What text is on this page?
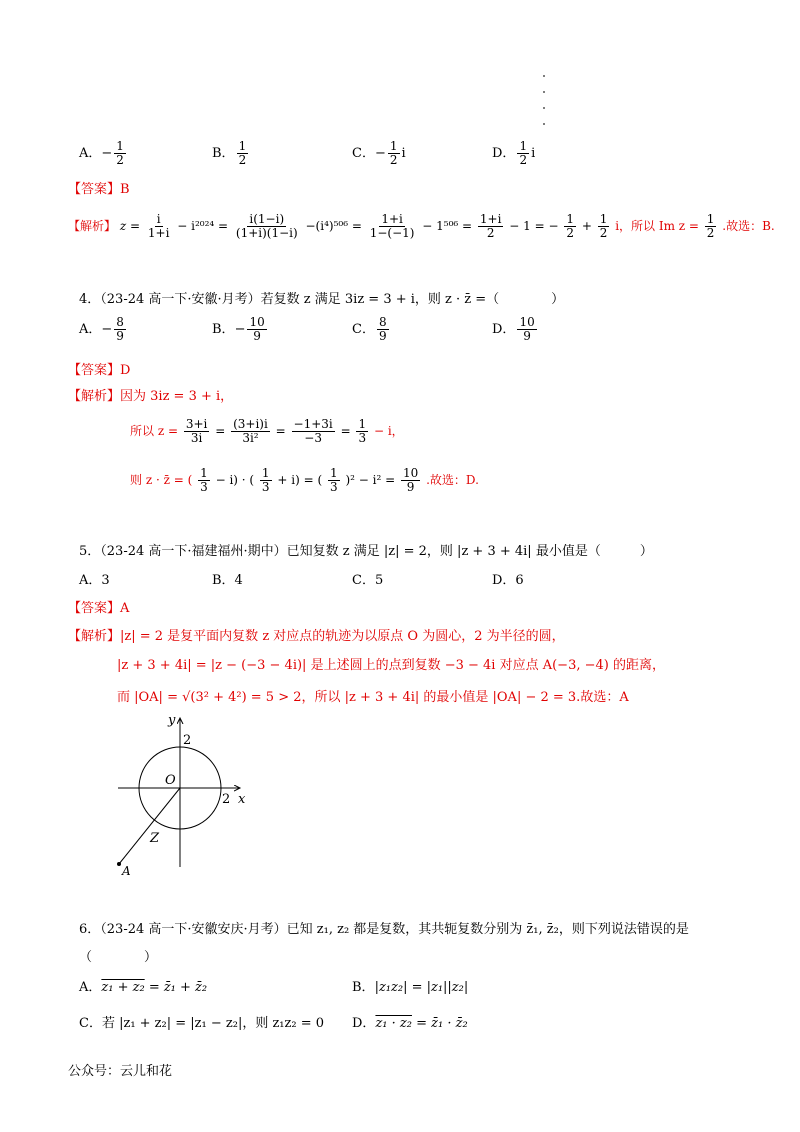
A．− $\frac{1}{2}$	B． $\frac{1}{2}$	C．− $\frac{1}{2}$ i	D． $\frac{1}{2}$ i
【答案】B
【解析】 $z = \frac{i}{1+i} - i^{2024} = \frac{i(1-i)}{(1+i)(1-i)} -(i^4)^{506} = \frac{1+i}{1-(-1)} - 1^{506} = \frac{1+i}{2} - 1$ = − $\frac{1}{2} + \frac{1}{2}$ i，所以 Im $z = \frac{1}{2}$ .故选：B.
4．（23-24 高一下·安徽·月考）若复数 z 满足 3iz = 3 + i，则 z · z̄ =（　　　　）
A．− $\frac{8}{9}$	B．− $\frac{10}{9}$	C． $\frac{8}{9}$	D． $\frac{10}{9}$
【答案】D
【解析】因为 3iz = 3 + i，
所以 $z = \frac{3+i}{3i} = \frac{(3+i)i}{\text{3i²}} = \frac{-1+3i}{-3} = \frac{1}{3} - i$，
则 z · z̄ = ( $\frac{1}{3} - i$) · ( $\frac{1}{3} + i$) = ( $\frac{1}{3} )^2 - i^2 = \frac{10}{9}$ .故选：D.
5．（23-24 高一下·福建福州·期中）已知复数 z 满足 |z| = 2，则 |z + 3 + 4i| 最小值是（　　　）
A．3	B．4	C．5	D．6
【答案】A
【解析】|z| = 2 是复平面内复数 z 对应点的轨迹为以原点 O 为圆心，2 为半径的圆，
|z + 3 + 4i| = |z − (−3 − 4i)| 是上述圆上的点到复数 −3 − 4i 对应点 A(−3, −4) 的距离，
而 |OA| = √(3² + 4²) = 5 > 2，所以 |z + 3 + 4i| 的最小值是 |OA| − 2 = 3.故选：A
y
2
O
2 x
Z
A
6．（23-24 高一下·安徽安庆·月考）已知 z₁, z₂ 都是复数，其共轭复数分别为 z̄₁, z̄₂，则下列说法错误的是
（　　　　）
A．z₁ + z₂ = z̄₁ + z̄₂	B．|z₁z₂| = |z₁||z₂|
C．若 |z₁ + z₂| = |z₁ − z₂|，则 z₁z₂ = 0 D．z₁ · z₂ = z̄₁ · z̄₂
公众号：云儿和花
